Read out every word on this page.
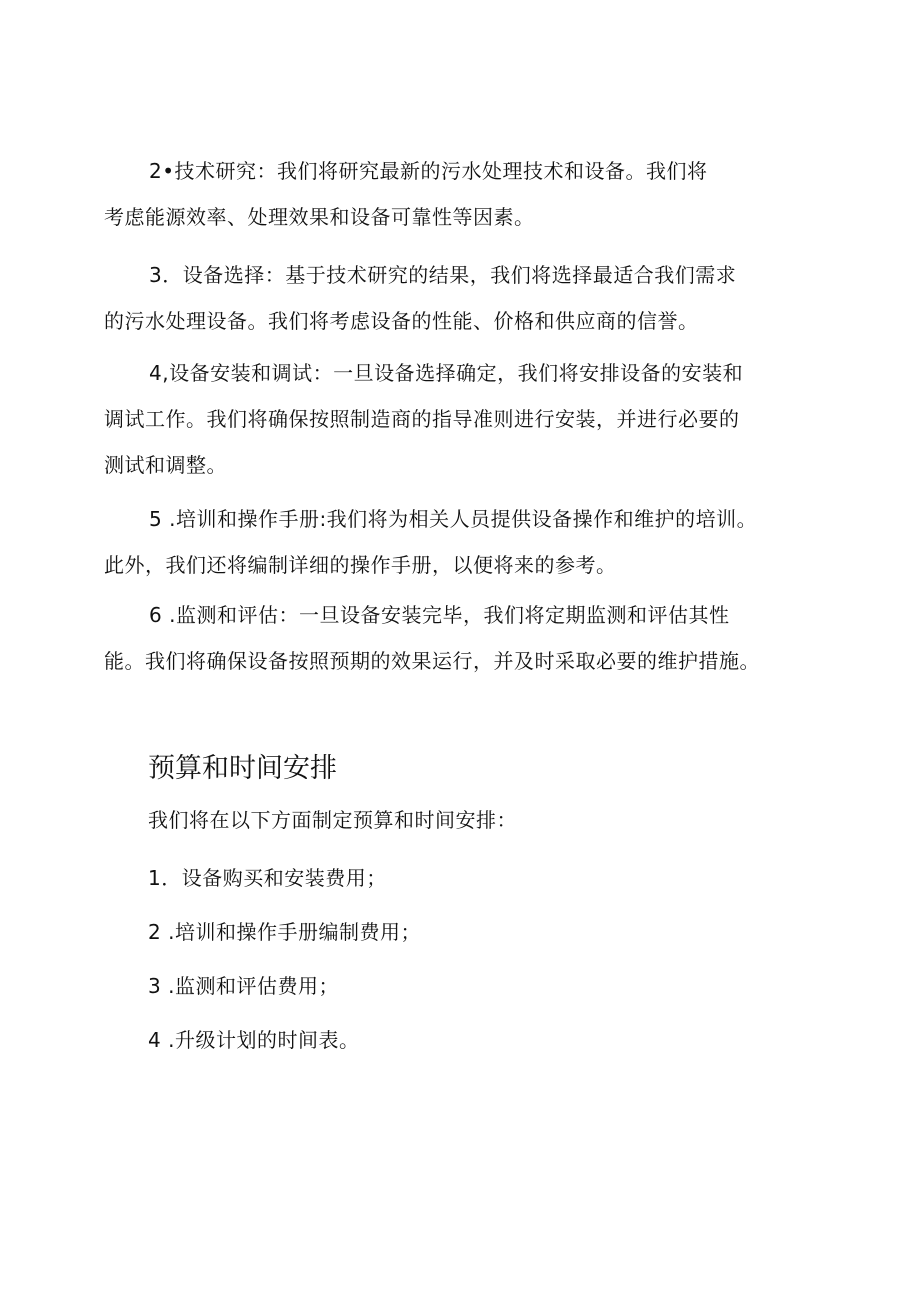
2•技术研究：我们将研究最新的污水处理技术和设备。我们将
考虑能源效率、处理效果和设备可靠性等因素。

3．设备选择：基于技术研究的结果，我们将选择最适合我们需求
的污水处理设备。我们将考虑设备的性能、价格和供应商的信誉。

4,设备安装和调试：一旦设备选择确定，我们将安排设备的安装和
调试工作。我们将确保按照制造商的指导准则进行安装，并进行必要的
测试和调整。

5 .培训和操作手册:我们将为相关人员提供设备操作和维护的培训。
此外，我们还将编制详细的操作手册，以便将来的参考。

6 .监测和评估：一旦设备安装完毕，我们将定期监测和评估其性
能。我们将确保设备按照预期的效果运行，并及时采取必要的维护措施。

预算和时间安排

我们将在以下方面制定预算和时间安排：

1．设备购买和安装费用；

2 .培训和操作手册编制费用；

3 .监测和评估费用；

4 .升级计划的时间表。
